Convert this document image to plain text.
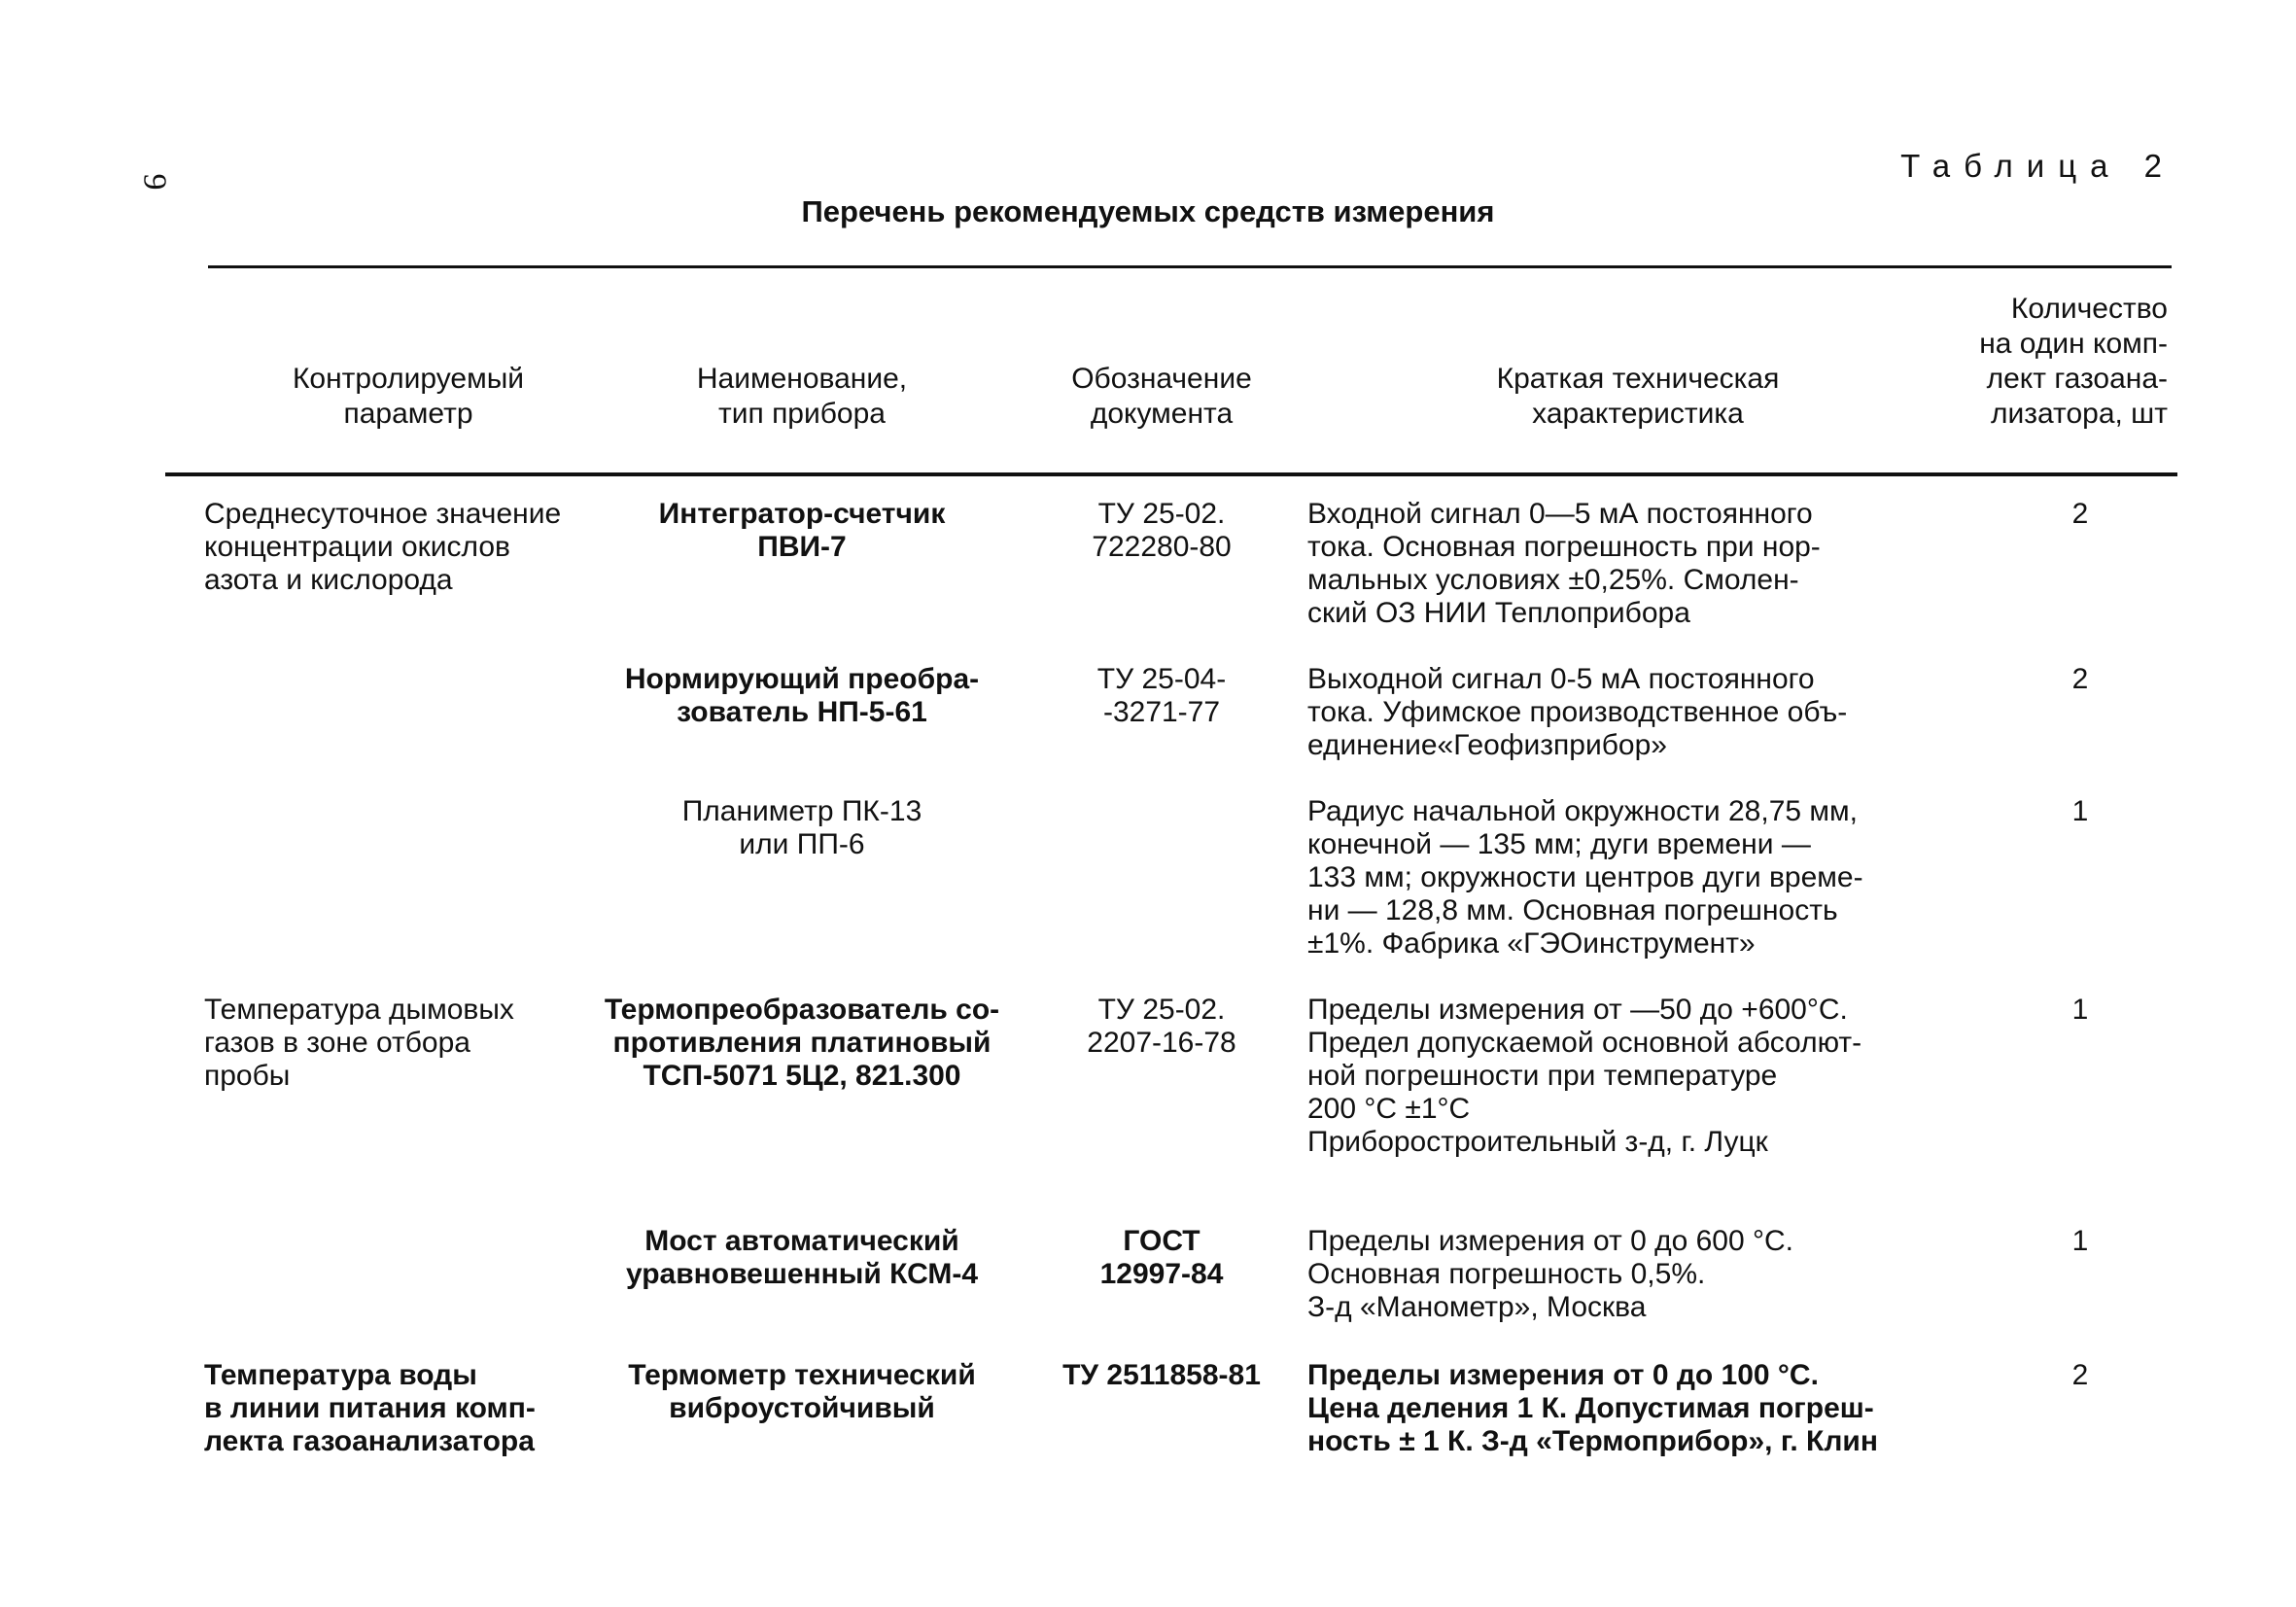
9	Таблица 2
Перечень рекомендуемых средств измерения
Контролируемый
параметр
Наименование,
тип прибора
Обозначение
документа
Краткая техническая
характеристика
Количество
на один комп-
лект газоана-
лизатора, шт
Среднесуточное значение
концентрации окислов
азота и кислорода
Интегратор-счетчик
ПВИ-7
ТУ 25-02.
722280-80
Входной сигнал 0—5 мА постоянного
тока. Основная погрешность при нор-
мальных условиях ±0,25%. Смолен-
ский ОЗ НИИ Теплоприбора
2
Нормирующий преобра-
зователь НП-5-61
ТУ 25-04-
-3271-77
Выходной сигнал 0-5 мА постоянного
тока. Уфимское производственное объ-
единение«Геофизприбор»
2
Планиметр ПК-13
или ПП-6
Радиус начальной окружности 28,75 мм,
конечной — 135 мм; дуги времени —
133 мм; окружности центров дуги време-
ни — 128,8 мм. Основная погрешность
±1%. Фабрика «ГЭОинструмент»
1
Температура дымовых
газов в зоне отбора
пробы
Термопреобразователь со-
противления платиновый
ТСП-5071 5Ц2, 821.300
ТУ 25-02.
2207-16-78
Пределы измерения от —50 до +600°С.
Предел допускаемой основной абсолют-
ной погрешности при температуре
200 °С ±1°С
Приборостроительный з-д, г. Луцк
1
Мост автоматический
уравновешенный КСМ-4
ГОСТ
12997-84
Пределы измерения от 0 до 600 °С.
Основная погрешность 0,5%.
З-д «Манометр», Москва
1
Температура воды
в линии питания комп-
лекта газоанализатора
Термометр технический
виброустойчивый
ТУ 2511858-81	Пределы измерения от 0 до 100 °С.
Цена деления 1 К. Допустимая погреш-
ность ± 1 К. З-д «Термоприбор», г. Клин
2
